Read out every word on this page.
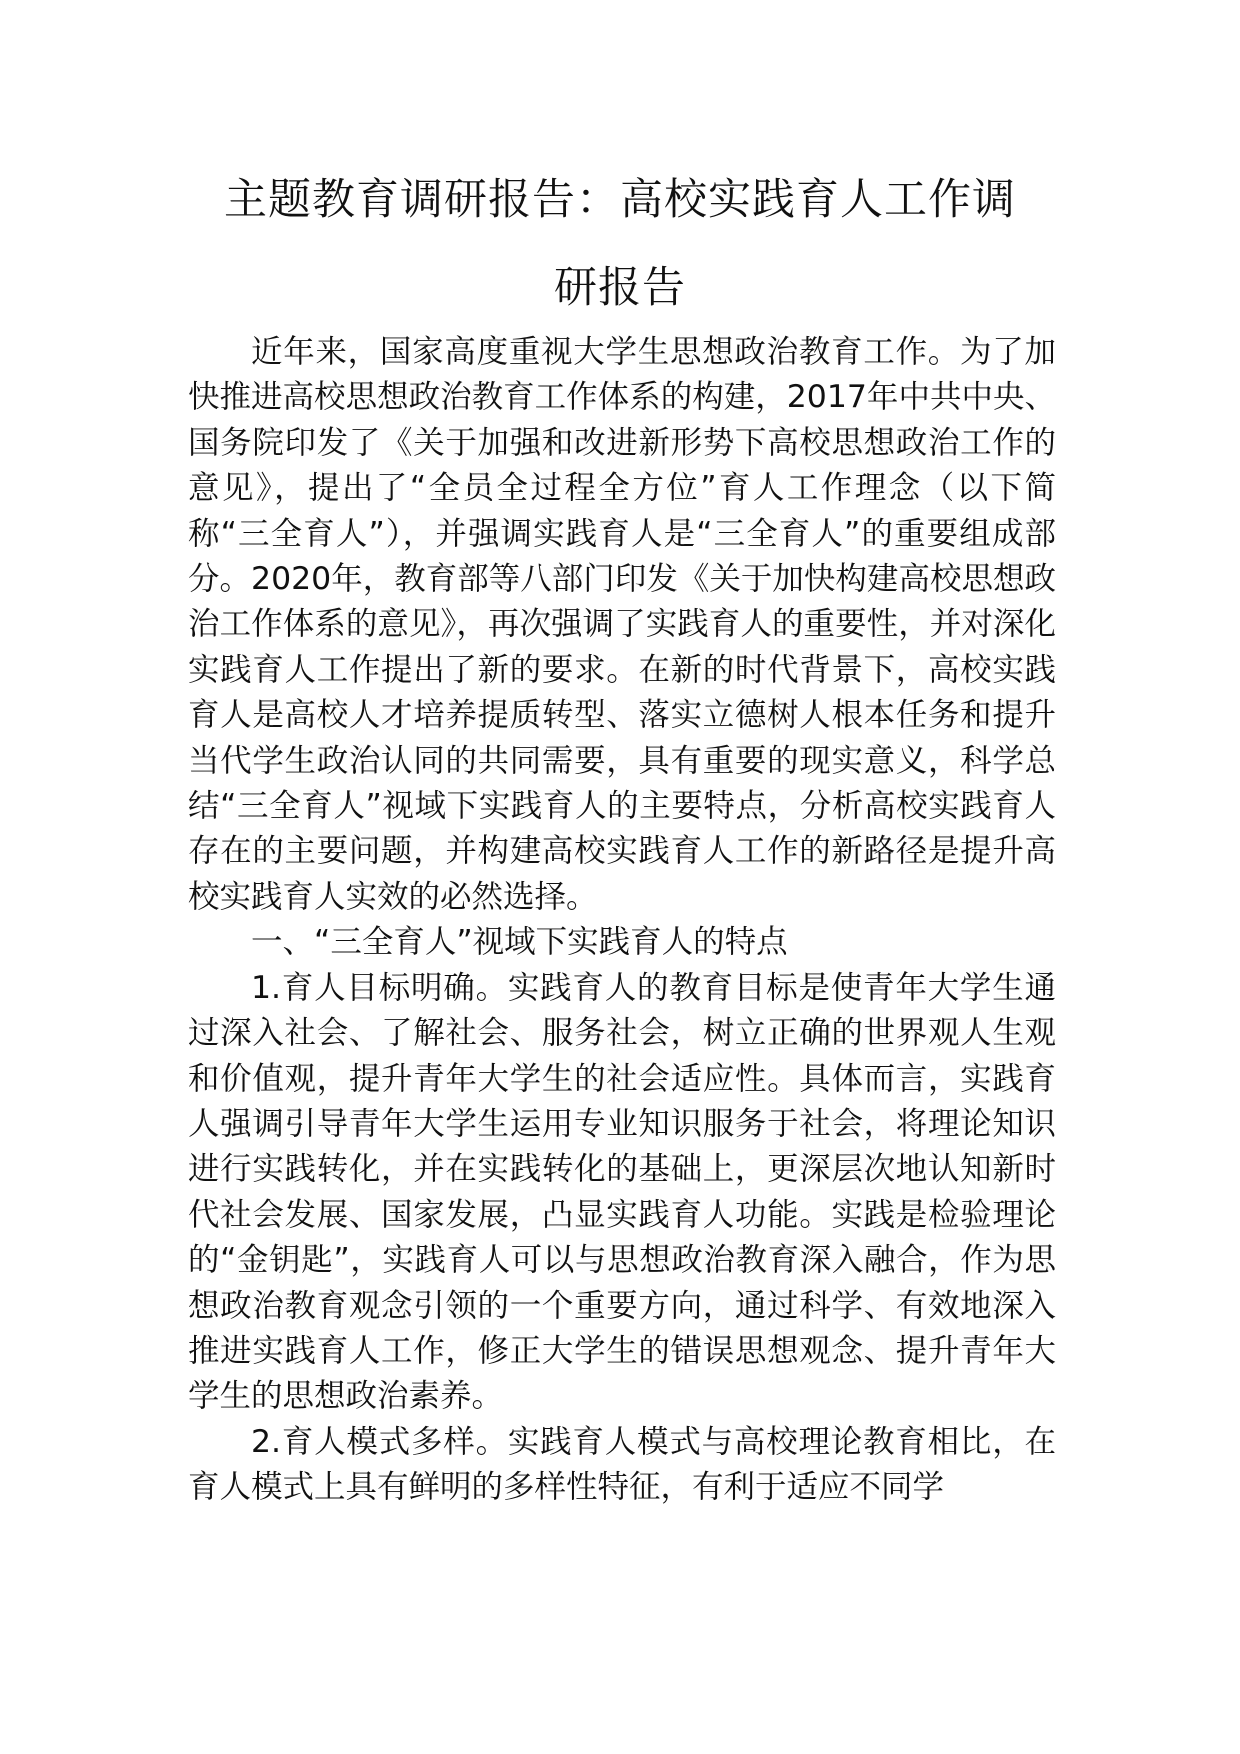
主题教育调研报告：高校实践育人工作调
研报告

近年来，国家高度重视大学生思想政治教育工作。为了加快推进高校思想政治教育工作体系的构建，2017年中共中央、国务院印发了《关于加强和改进新形势下高校思想政治工作的意见》，提出了“全员全过程全方位”育人工作理念（以下简称“三全育人”），并强调实践育人是“三全育人”的重要组成部分。2020年，教育部等八部门印发《关于加快构建高校思想政治工作体系的意见》，再次强调了实践育人的重要性，并对深化实践育人工作提出了新的要求。在新的时代背景下，高校实践育人是高校人才培养提质转型、落实立德树人根本任务和提升当代学生政治认同的共同需要，具有重要的现实意义，科学总结“三全育人”视域下实践育人的主要特点，分析高校实践育人存在的主要问题，并构建高校实践育人工作的新路径是提升高校实践育人实效的必然选择。

一、“三全育人”视域下实践育人的特点

1.育人目标明确。实践育人的教育目标是使青年大学生通过深入社会、了解社会、服务社会，树立正确的世界观人生观和价值观，提升青年大学生的社会适应性。具体而言，实践育人强调引导青年大学生运用专业知识服务于社会，将理论知识进行实践转化，并在实践转化的基础上，更深层次地认知新时代社会发展、国家发展，凸显实践育人功能。实践是检验理论的“金钥匙”，实践育人可以与思想政治教育深入融合，作为思想政治教育观念引领的一个重要方向，通过科学、有效地深入推进实践育人工作，修正大学生的错误思想观念、提升青年大学生的思想政治素养。

2.育人模式多样。实践育人模式与高校理论教育相比，在育人模式上具有鲜明的多样性特征，有利于适应不同学
